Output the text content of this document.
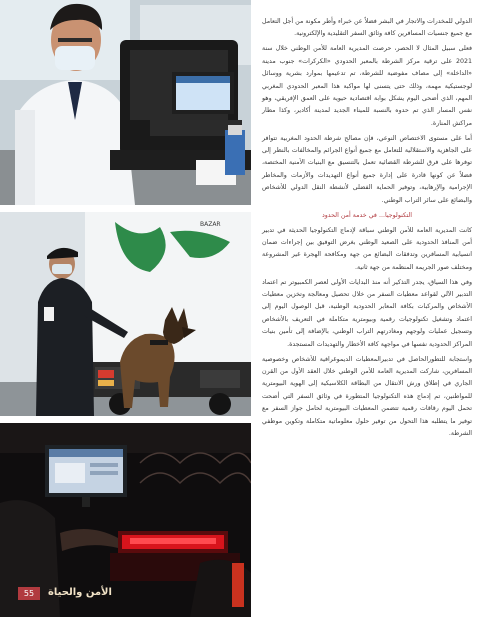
BAZAR
55	الأمن والحياة

الدولي للمخدرات والاتجار في البشر فضلاً عن خبراء وأطر مكونة من أجل التعامل مع جميع جنسيات المسافرين كافة وثائق السفر التقليدية والإلكترونية.

فعلى سبيل المثال لا الحصر، حرصت المديرية العامة للأمن الوطني خلال سنة 2021 على ترقية مركز الشرطة بالمعبر الحدودي «الكركرات» جنوب مدينة «الداخلة» إلى مصاف مفوضية للشرطة، تم تدعيمها بموارد بشرية ووسائل لوجستيكية مهمة، وذلك حتى يتسنى لها مواكبة هذا المعبر الحدودي المغربي المهم، الذي أضحى اليوم يشكل بوابة اقتصادية حيوية على العمق الإفريقي، وهو نفس المسار الذي تم حدوه بالنسبة للميناء الجديد لمدينة أكادير، وكذا مطار مراكش المنارة.

أما على مستوى الاختصاص النوعي، فإن مصالح شرطة الحدود المغربية تتوافر على الجاهزية والاستقلالية للتعامل مع جميع أنواع الجرائم والمخالفات بالنظر إلى توفرها على فرق للشرطة القضائية تعمل بالتنسيق مع البنيات الأمنية المختصة، فضلاً عن كونها قادرة على إدارة جميع أنواع التهديدات والأزمات والمخاطر الإجرامية والإرهابية، وتوفير الحماية الفضلى لأنشطة النقل الدولي للأشخاص والبضائع على سائر التراب الوطني.

التكنولوجيا... في خدمة أمن الحدود

كانت المديرية العامة للأمن الوطني سباقة لإدماج التكنولوجيا الحديثة في تدبير أمن المنافذ الحدودية على الصعيد الوطني بغرض التوفيق بين إجراءات ضمان انسيابية المسافرين وتدفقات البضائع من جهة ومكافحة الهجرة غير المشروعة ومختلف صور الجريمة المنظمة من جهة ثانية.

وفي هذا السياق، يجدر التذكير أنه منذ البدايات الأولى لعصر الكمبيوتر تم اعتماد التدبير الآلي لقواعد معطيات السفر من خلال تحصيل ومعالجة وتخزين معطيات الأشخاص والمركبات بكافة المعابر الحدودية الوطنية، قبل الوصول اليوم إلى اعتماد وتشغيل تكنولوجيات رقمية وبيومترية متكاملة في التعريف بالأشخاص وتسجيل عمليات ولوجهم ومغادرتهم التراب الوطني، بالإضافة إلى تأمين بنيات المراكز الحدودية نفسها في مواجهة كافة الأخطار والتهديدات المستجدة.

واستجابة للتطورالحاصل في تدبيرالمعطيات الديموغرافية للأشخاص وخصوصية المسافرين، شاركت المديرية العامة للأمن الوطني خلال العقد الأول من القرن الجاري في إطلاق ورش الانتقال من البطاقة الكلاسيكية إلى الهوية البيومترية للمواطنين، تم إدماج هذه التكنولوجيا المتطورة في وثائق السفر التي أضحت تحمل اليوم رقاقات رقمية تتضمن المعطيات البيومترية لحامل جواز السفر مع توفير ما يتطلبه هذا التحول من توفير حلول معلوماتية متكاملة وتكوين موظفي الشرطة.
